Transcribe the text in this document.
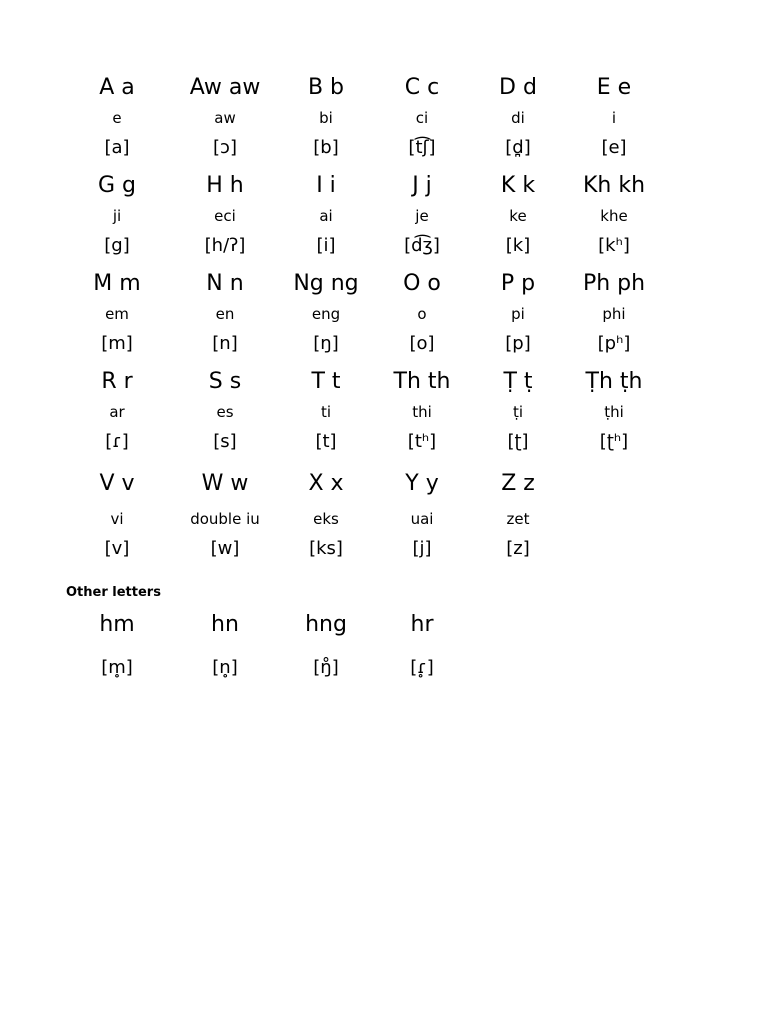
A a
e
[a]
Aw aw
aw
[ɔ]
B b
bi
[b]
C c
ci
[t͡ʃ]
D d
di
[d̪]
E e
i
[e]
G g
ji
[g]
H h
eci
[h/ʔ]
I i
ai
[i]
J j
je
[d͡ʒ]
K k
ke
[k]
Kh kh
khe
[kʰ]
M m
em
[m]
N n
en
[n]
Ng ng
eng
[ŋ]
O o
o
[o]
P p
pi
[p]
Ph ph
phi
[pʰ]
R r
ar
[ɾ]
S s
es
[s]
T t
ti
[t]
Th th
thi
[tʰ]
Ṭ ṭ
ṭi
[ʈ]
Ṭh ṭh
ṭhi
[ʈʰ]
V v
vi
[v]
W w
double iu
[w]
X x
eks
[ks]
Y y
uai
[j]
Z z
zet
[z]
Other letters
hm
[m̥]
hn
[n̥]
hng
[ŋ̊]
hr
[ɾ̥]
